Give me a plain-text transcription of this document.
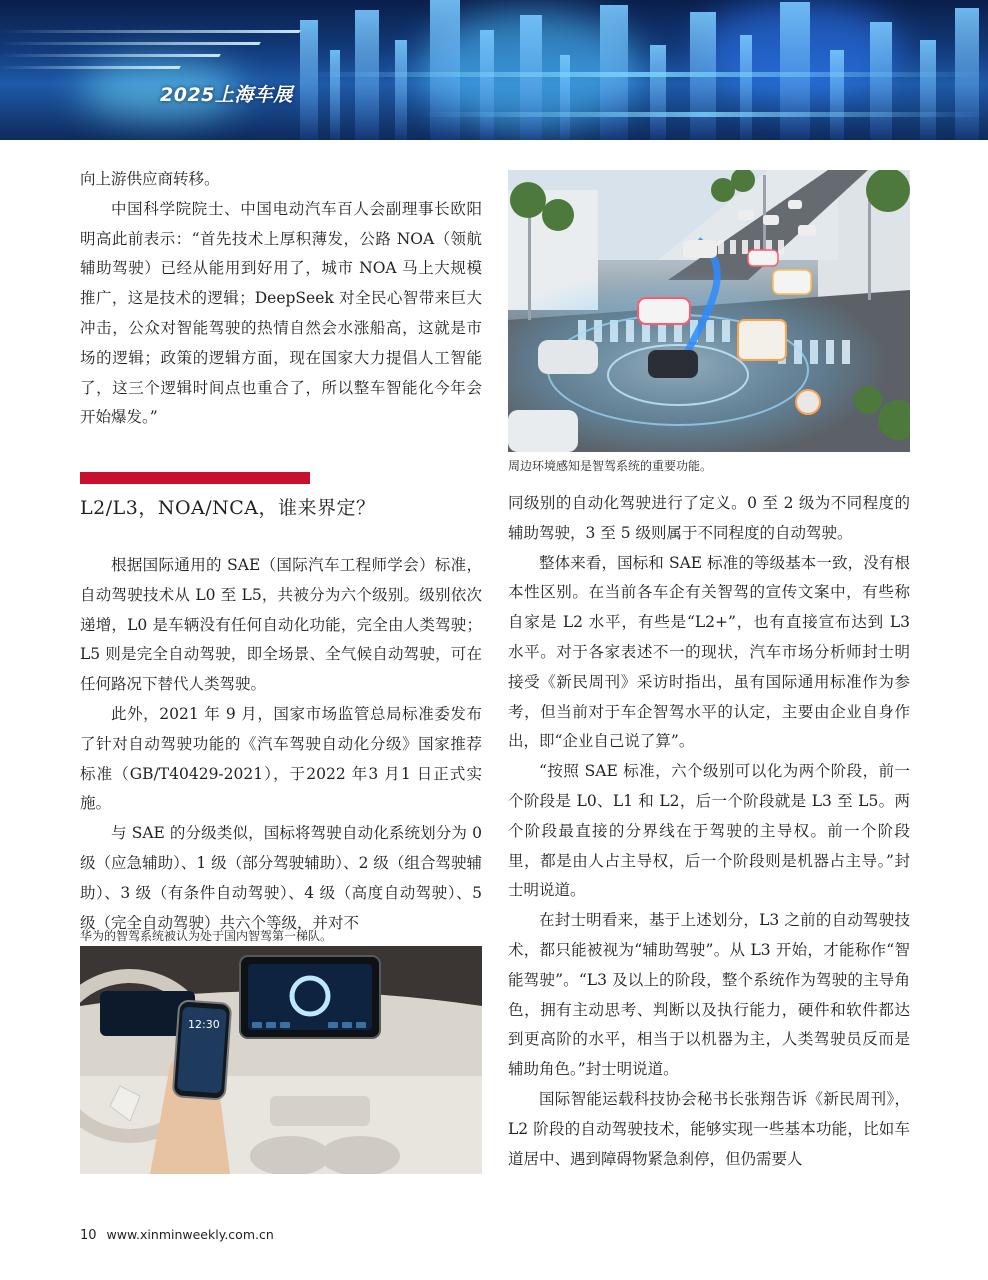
2025上海车展

向上游供应商转移。

中国科学院院士、中国电动汽车百人会副理事长欧阳明高此前表示：“首先技术上厚积薄发，公路 NOA（领航辅助驾驶）已经从能用到好用了，城市 NOA 马上大规模推广，这是技术的逻辑；DeepSeek 对全民心智带来巨大冲击，公众对智能驾驶的热情自然会水涨船高，这就是市场的逻辑；政策的逻辑方面，现在国家大力提倡人工智能了，这三个逻辑时间点也重合了，所以整车智能化今年会开始爆发。”

L2/L3，NOA/NCA，谁来界定？

根据国际通用的 SAE（国际汽车工程师学会）标准，自动驾驶技术从 L0 至 L5，共被分为六个级别。级别依次递增，L0 是车辆没有任何自动化功能，完全由人类驾驶；L5 则是完全自动驾驶，即全场景、全气候自动驾驶，可在任何路况下替代人类驾驶。

此外，2021 年 9 月，国家市场监管总局标准委发布了针对自动驾驶功能的《汽车驾驶自动化分级》国家推荐标准（GB/T40429-2021），于2022 年3 月1 日正式实施。

与 SAE 的分级类似，国标将驾驶自动化系统划分为 0 级（应急辅助）、1 级（部分驾驶辅助）、2 级（组合驾驶辅助）、3 级（有条件自动驾驶）、4 级（高度自动驾驶）、5 级（完全自动驾驶）共六个等级，并对不

周边环境感知是智驾系统的重要功能。

同级别的自动化驾驶进行了定义。0 至 2 级为不同程度的辅助驾驶，3 至 5 级则属于不同程度的自动驾驶。

整体来看，国标和 SAE 标准的等级基本一致，没有根本性区别。在当前各车企有关智驾的宣传文案中，有些称自家是 L2 水平，有些是“L2+”，也有直接宣布达到 L3 水平。对于各家表述不一的现状，汽车市场分析师封士明接受《新民周刊》采访时指出，虽有国际通用标准作为参考，但当前对于车企智驾水平的认定，主要由企业自身作出，即“企业自己说了算”。

“按照 SAE 标准，六个级别可以化为两个阶段，前一个阶段是 L0、L1 和 L2，后一个阶段就是 L3 至 L5。两个阶段最直接的分界线在于驾驶的主导权。前一个阶段里，都是由人占主导权，后一个阶段则是机器占主导。”封士明说道。

在封士明看来，基于上述划分，L3 之前的自动驾驶技术，都只能被视为“辅助驾驶”。从 L3 开始，才能称作“智能驾驶”。“L3 及以上的阶段，整个系统作为驾驶的主导角色，拥有主动思考、判断以及执行能力，硬件和软件都达到更高阶的水平，相当于以机器为主，人类驾驶员反而是辅助角色。”封士明说道。

国际智能运载科技协会秘书长张翔告诉《新民周刊》，L2 阶段的自动驾驶技术，能够实现一些基本功能，比如车道居中、遇到障碍物紧急刹停，但仍需要人

华为的智驾系统被认为处于国内智驾第一梯队。
12:30
10 www.xinminweekly.com.cn
